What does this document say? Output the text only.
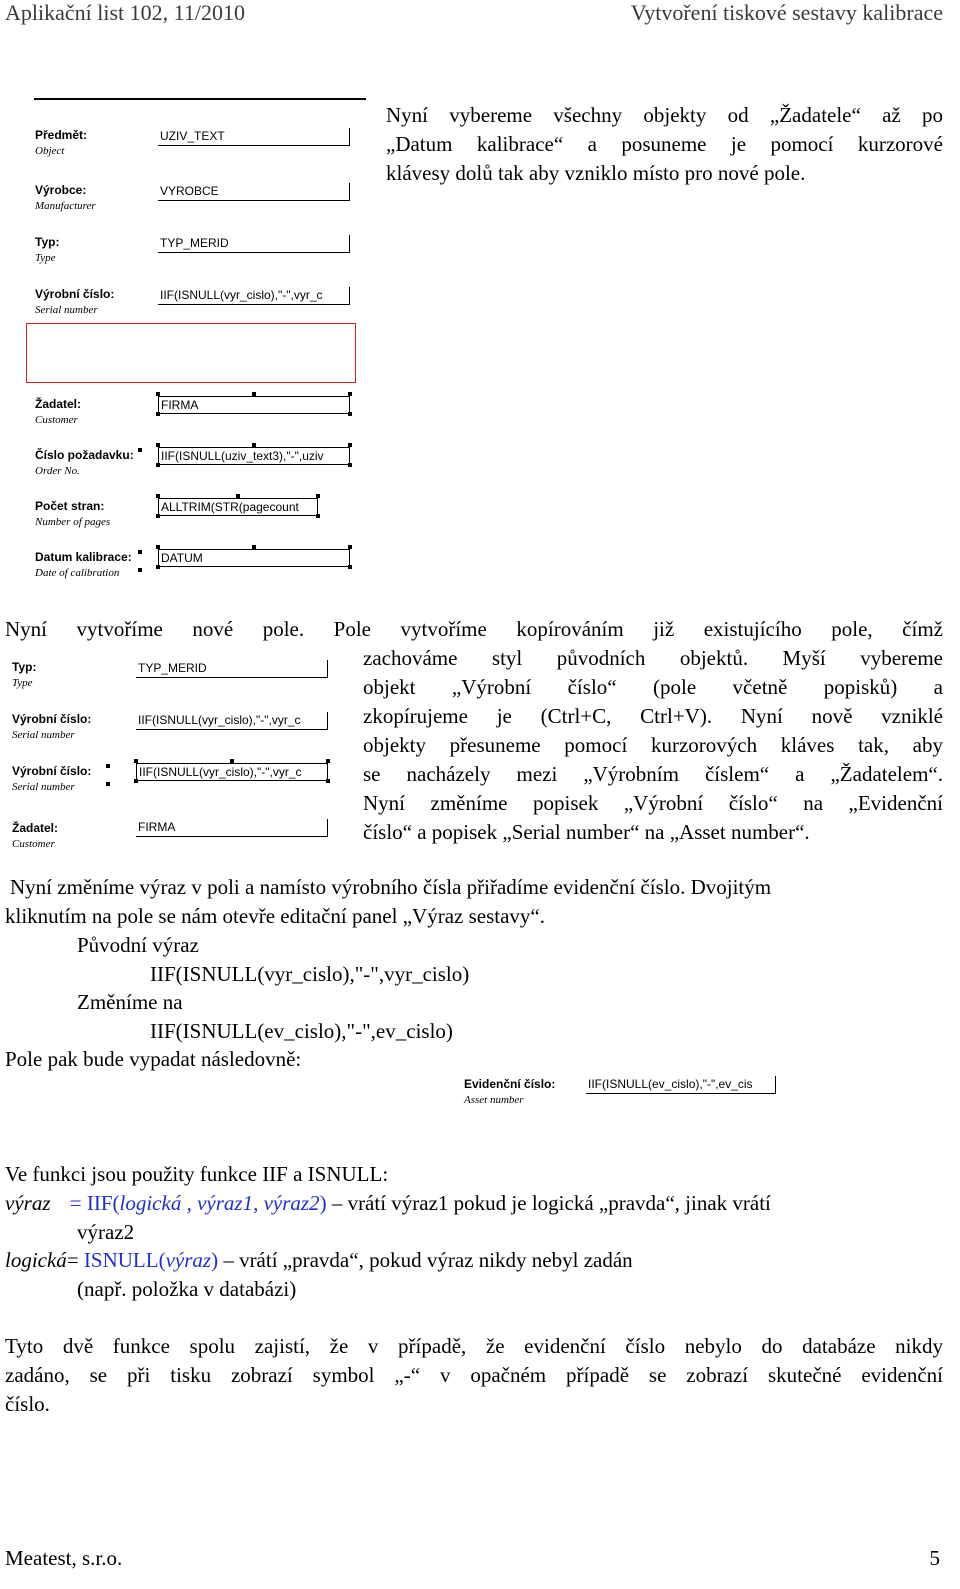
Aplikační list 102, 11/2010	Vytvoření tiskové sestavy kalibrace
Předmět:
Object
UZIV_TEXT
Výrobce:
Manufacturer
VYROBCE
Typ:
Type
TYP_MERID
Výrobní číslo:
Serial number
IIF(ISNULL(vyr_cislo),"-",vyr_c
Žadatel:
Customer
FIRMA
Číslo požadavku:
Order No.
IIF(ISNULL(uziv_text3),"-",uziv
Počet stran:
Number of pages
ALLTRIM(STR(pagecount
Datum kalibrace:
Date of calibration
DATUM
Nyní vybereme všechny objekty od „Žadatele“ až po
„Datum kalibrace“ a posuneme je pomocí kurzorové
klávesy dolů tak aby vzniklo místo pro nové pole.
Nyní vytvoříme nové pole. Pole vytvoříme kopírováním již existujícího pole, čímž
zachováme styl původních objektů. Myší vybereme
objekt „Výrobní číslo“ (pole včetně popisků) a
zkopírujeme je (Ctrl+C, Ctrl+V). Nyní nově vzniklé
objekty přesuneme pomocí kurzorových kláves tak, aby
se nacházely mezi „Výrobním číslem“ a „Žadatelem“.
Nyní změníme popisek „Výrobní číslo“ na „Evidenční
číslo“ a popisek „Serial number“ na „Asset number“.
Typ:
Type
TYP_MERID
Výrobní číslo:
Serial number
IIF(ISNULL(vyr_cislo),"-",vyr_c
Výrobní číslo:
Serial number
IIF(ISNULL(vyr_cislo),"-",vyr_c
Žadatel:
Customer
FIRMA
Nyní změníme výraz v poli a namísto výrobního čísla přiřadíme evidenční číslo. Dvojitým
kliknutím na pole se nám otevře editační panel „Výraz sestavy“.
Původní výraz
IIF(ISNULL(vyr_cislo),"-",vyr_cislo)
Změníme na
IIF(ISNULL(ev_cislo),"-",ev_cislo)
Pole pak bude vypadat následovně:
Evidenční číslo:
Asset number
IIF(ISNULL(ev_cislo),"-",ev_cis
Ve funkci jsou použity funkce IIF a ISNULL:
výraz = IIF(logická , výraz1, výraz2) – vrátí výraz1 pokud je logická „pravda“, jinak vrátí
výraz2
logická= ISNULL(výraz) – vrátí „pravda“, pokud výraz nikdy nebyl zadán
(např. položka v databázi)
Tyto dvě funkce spolu zajistí, že v případě, že evidenční číslo nebylo do databáze nikdy
zadáno, se při tisku zobrazí symbol „-“ v opačném případě se zobrazí skutečné evidenční
číslo.
Meatest, s.r.o.	5
